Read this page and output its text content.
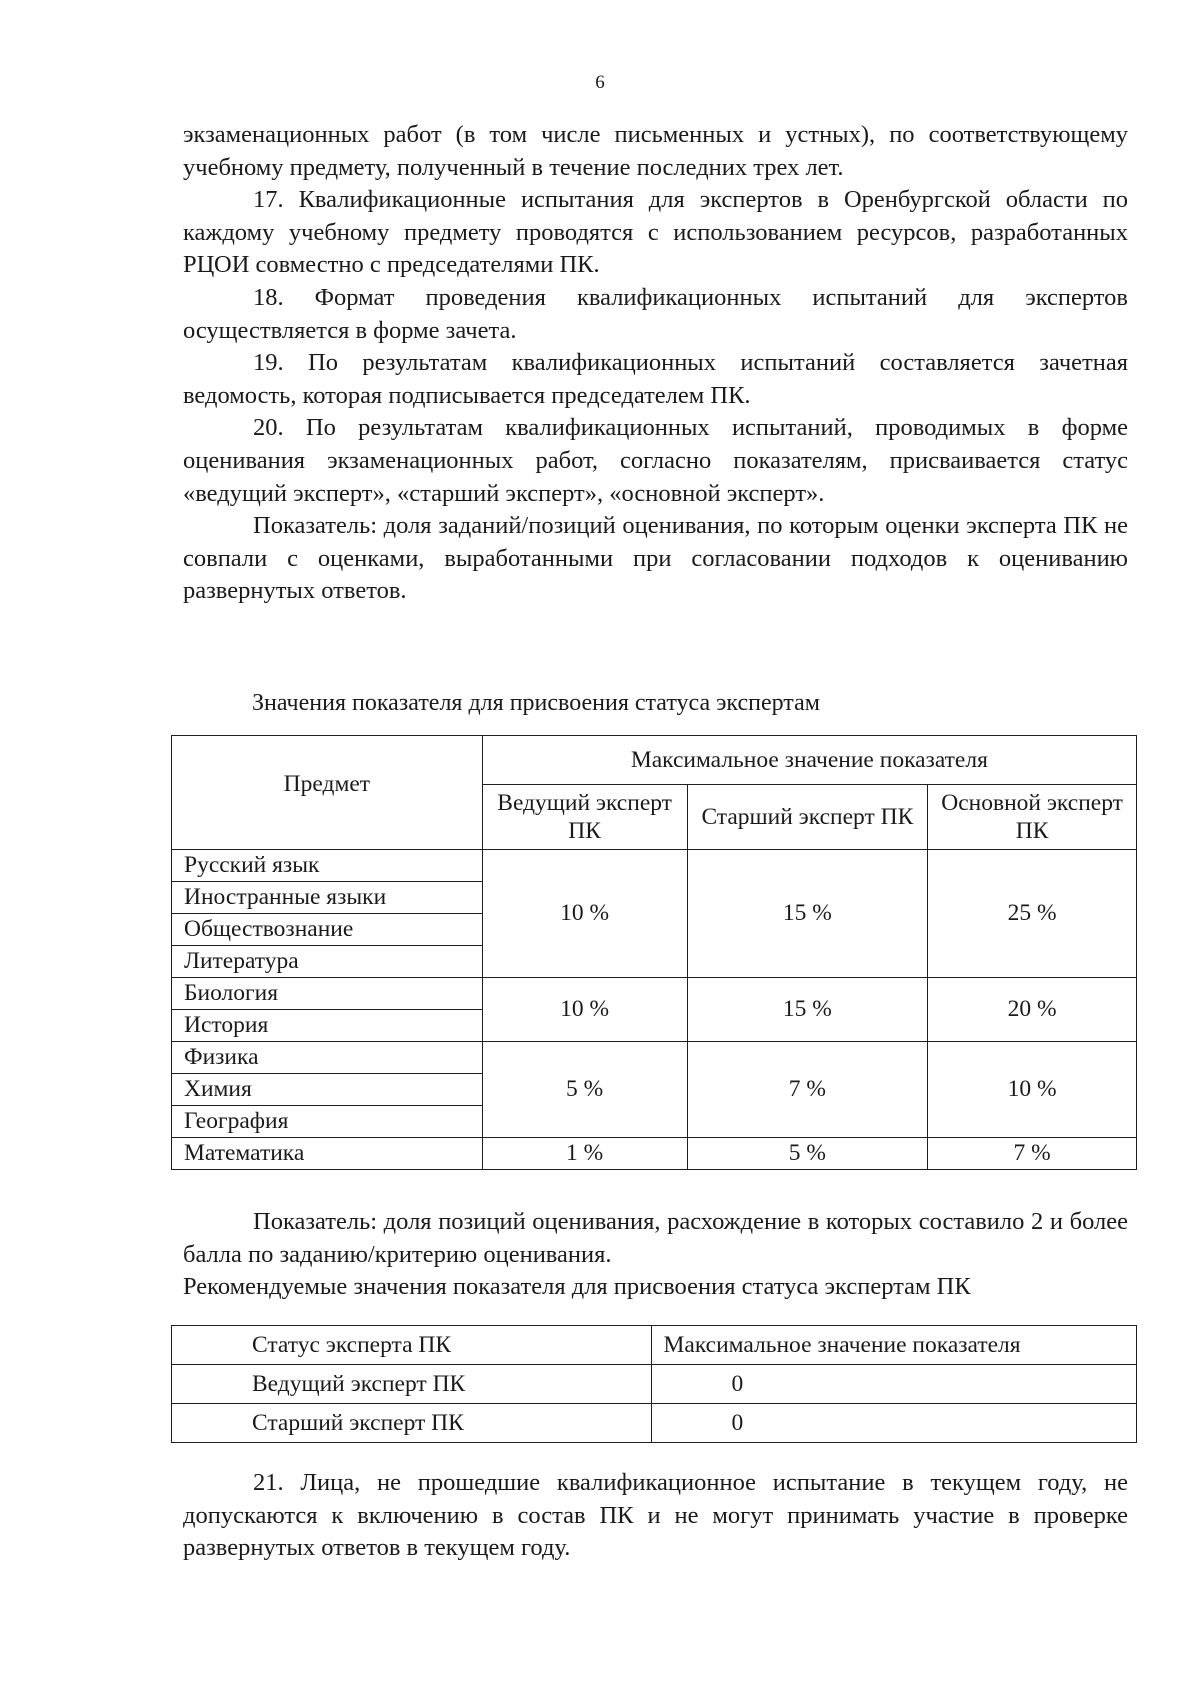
6

экзаменационных работ (в том числе письменных и устных), по соответствующему учебному предмету, полученный в течение последних трех лет.

17. Квалификационные испытания для экспертов в Оренбургской области по каждому учебному предмету проводятся с использованием ресурсов, разработанных РЦОИ совместно с председателями ПК.

18. Формат проведения квалификационных испытаний для экспертов осуществляется в форме зачета.

19. По результатам квалификационных испытаний составляется зачетная ведомость, которая подписывается председателем ПК.

20. По результатам квалификационных испытаний, проводимых в форме оценивания экзаменационных работ, согласно показателям, присваивается статус «ведущий эксперт», «старший эксперт», «основной эксперт».

Показатель: доля заданий/позиций оценивания, по которым оценки эксперта ПК не совпали с оценками, выработанными при согласовании подходов к оцениванию развернутых ответов.

Значения показателя для присвоения статуса экспертам
Предмет	Максимальное значение показателя		
	Ведущий эксперт ПК	Старший эксперт ПК	Основной эксперт ПК
Русский язык	10 %	15 %	25 %
Иностранные языки			
Обществознание			
Литература			
Биология	10 %	15 %	20 %
История			
Физика	5 %	7 %	10 %
Химия			
География			
Математика	1 %	5 %	7 %

Показатель: доля позиций оценивания, расхождение в которых составило 2 и более балла по заданию/критерию оценивания.

Рекомендуемые значения показателя для присвоения статуса экспертам ПК

Статус эксперта ПК	Максимальное значение показателя
Ведущий эксперт ПК	0
Старший эксперт ПК	0

21. Лица, не прошедшие квалификационное испытание в текущем году, не допускаются к включению в состав ПК и не могут принимать участие в проверке развернутых ответов в текущем году.
